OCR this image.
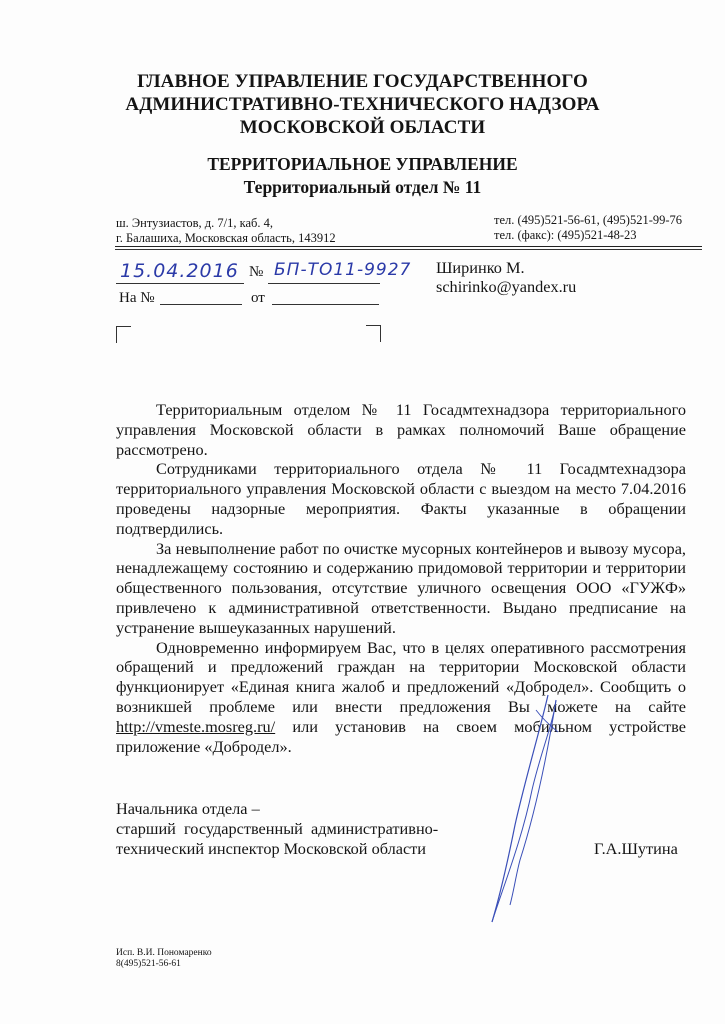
ГЛАВНОЕ УПРАВЛЕНИЕ ГОСУДАРСТВЕННОГО
АДМИНИСТРАТИВНО-ТЕХНИЧЕСКОГО НАДЗОРА
МОСКОВСКОЙ ОБЛАСТИ
ТЕРРИТОРИАЛЬНОЕ УПРАВЛЕНИЕ
Территориальный отдел № 11
ш. Энтузиастов, д. 7/1, каб. 4,
г. Балашиха, Московская область, 143912
тел. (495)521-56-61, (495)521-99-76
тел. (факс): (495)521-48-23
15.04.2016 № БП-ТО11-9927
На №	от
Ширинко М.
schirinko@yandex.ru

Территориальным отделом № 11 Госадмтехнадзора территориального управления Московской области в рамках полномочий Ваше обращение рассмотрено.

Сотрудниками территориального отдела № 11 Госадмтехнадзора территориального управления Московской области с выездом на место 7.04.2016 проведены надзорные мероприятия. Факты указанные в обращении подтвердились.

За невыполнение работ по очистке мусорных контейнеров и вывозу мусора, ненадлежащему состоянию и содержанию придомовой территории и территории общественного пользования, отсутствие уличного освещения ООО «ГУЖФ» привлечено к административной ответственности. Выдано предписание на устранение вышеуказанных нарушений.

Одновременно информируем Вас, что в целях оперативного рассмотрения обращений и предложений граждан на территории Московской области функционирует «Единая книга жалоб и предложений «Добродел». Сообщить о возникшей проблеме или внести предложения Вы можете на сайте http://vmeste.mosreg.ru/ или установив на своем мобильном устройстве приложение «Добродел».

Начальника отдела –
старший  государственный  административно-
технический инспектор Московской области	Г.А.Шутина
Исп. В.И. Пономаренко
8(495)521-56-61
